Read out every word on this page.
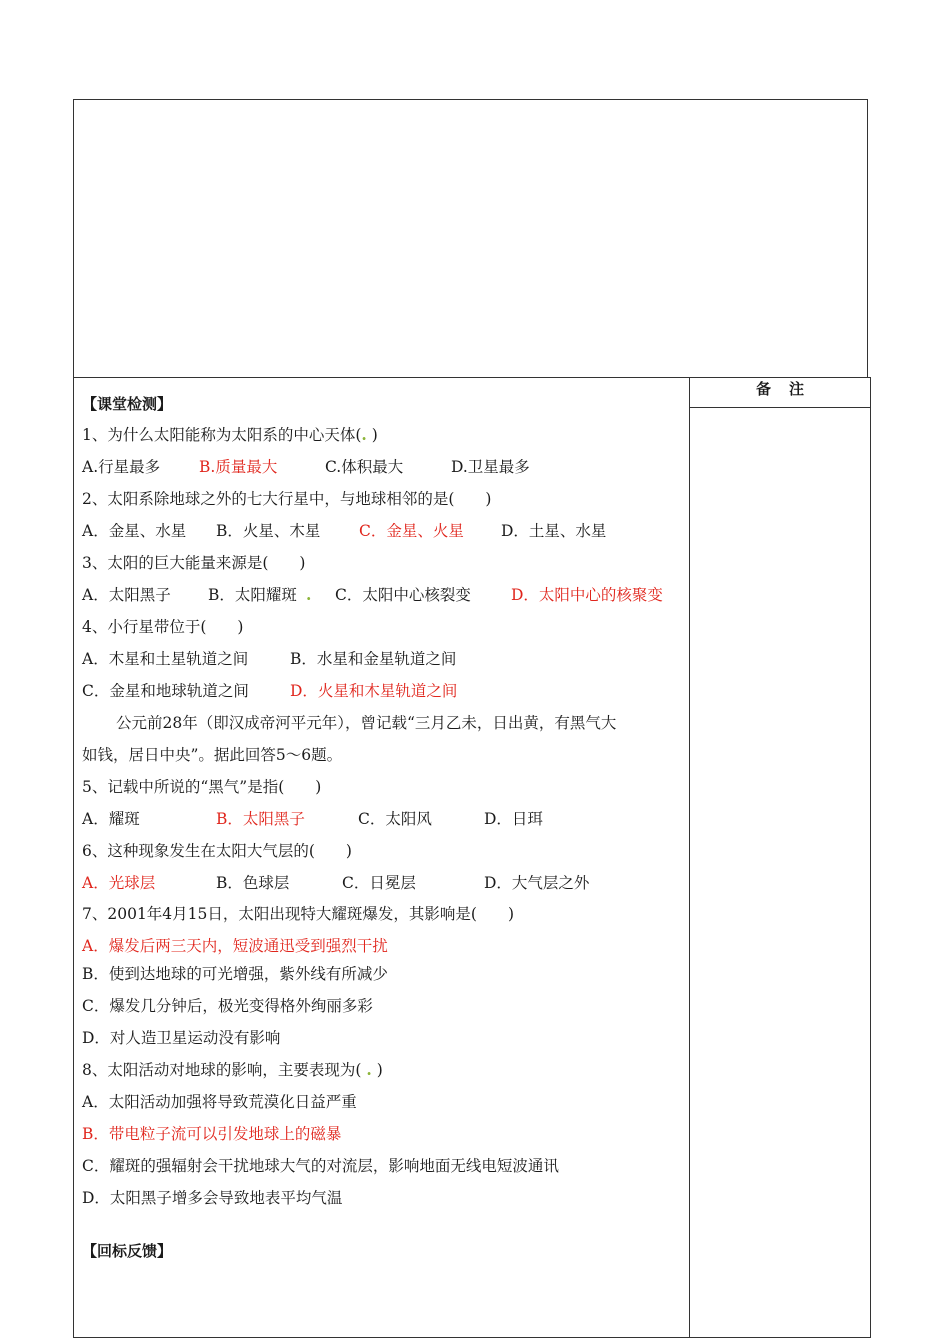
备注
【课堂检测】
1、为什么太阳能称为太阳系的中心天体(. )
A.行星最多	B.质量最大	C.体积最大	D.卫星最多
2、太阳系除地球之外的七大行星中，与地球相邻的是(　　)
A．金星、水星 B．火星、木星 C．金星、火星 D．土星、水星
3、太阳的巨大能量来源是(　　)
A．太阳黑子 B．太阳耀斑 . C．太阳中心核裂变	D．太阳中心的核聚变
4、小行星带位于(　　)
A．木星和土星轨道之间	B．水星和金星轨道之间
C．金星和地球轨道之间	D．火星和木星轨道之间
公元前28年（即汉成帝河平元年），曾记载“三月乙未，日出黄，有黑气大
如钱，居日中央”。据此回答5～6题。
5、记载中所说的“黑气”是指(　　)
A．耀斑	B．太阳黑子	C．太阳风	D．日珥
6、这种现象发生在太阳大气层的(　　)
A．光球层	B．色球层	C．日冕层	D．大气层之外
7、2001年4月15日，太阳出现特大耀斑爆发，其影响是(　　)
A．爆发后两三天内，短波通迅受到强烈干扰
B．使到达地球的可光增强，紫外线有所减少
C．爆发几分钟后，极光变得格外绚丽多彩
D．对人造卫星运动没有影响
8、太阳活动对地球的影响，主要表现为( . )
A．太阳活动加强将导致荒漠化日益严重
B．带电粒子流可以引发地球上的磁暴
C．耀斑的强辐射会干扰地球大气的对流层，影响地面无线电短波通讯
D．太阳黑子增多会导致地表平均气温
【回标反馈】
